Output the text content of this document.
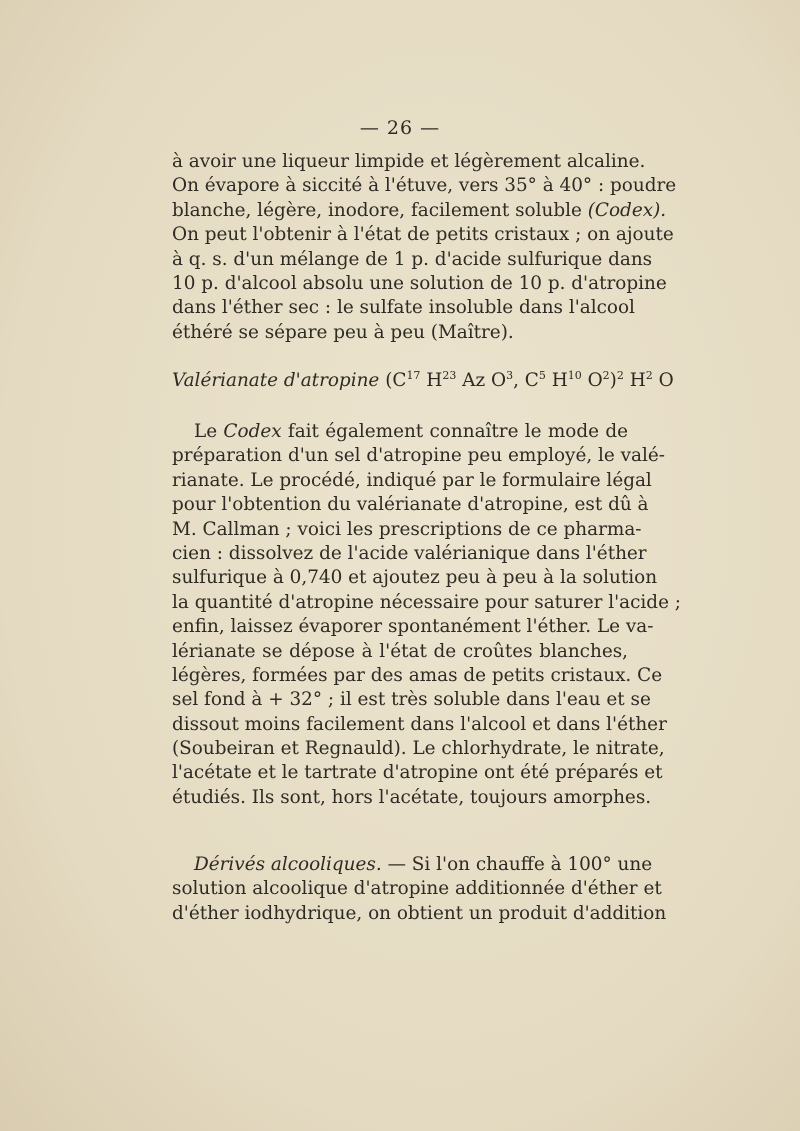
— 26 —
à avoir une liqueur limpide et légèrement alcaline.
On évapore à siccité à l'étuve, vers 35° à 40° : poudre
blanche, légère, inodore, facilement soluble (Codex).
On peut l'obtenir à l'état de petits cristaux ; on ajoute
à q. s. d'un mélange de 1 p. d'acide sulfurique dans
10 p. d'alcool absolu une solution de 10 p. d'atropine
dans l'éther sec : le sulfate insoluble dans l'alcool
éthéré se sépare peu à peu (Maître).
Valérianate d'atropine ($C^{17}$ $H^{23}$ Az $O^3$, $C^5$ $H^{10}$ $O^2)^2$ $H^2$ O
Le Codex fait également connaître le mode de
préparation d'un sel d'atropine peu employé, le valé-
rianate. Le procédé, indiqué par le formulaire légal
pour l'obtention du valérianate d'atropine, est dû à
M. Callman ; voici les prescriptions de ce pharma-
cien : dissolvez de l'acide valérianique dans l'éther
sulfurique à 0,740 et ajoutez peu à peu à la solution
la quantité d'atropine nécessaire pour saturer l'acide ;
enfin, laissez évaporer spontanément l'éther. Le va-
lérianate se dépose à l'état de croûtes blanches,
légères, formées par des amas de petits cristaux. Ce
sel fond à + 32° ; il est très soluble dans l'eau et se
dissout moins facilement dans l'alcool et dans l'éther
(Soubeiran et Regnauld). Le chlorhydrate, le nitrate,
l'acétate et le tartrate d'atropine ont été préparés et
étudiés. Ils sont, hors l'acétate, toujours amorphes.
Dérivés alcooliques. — Si l'on chauffe à 100° une
solution alcoolique d'atropine additionnée d'éther et
d'éther iodhydrique, on obtient un produit d'addition
